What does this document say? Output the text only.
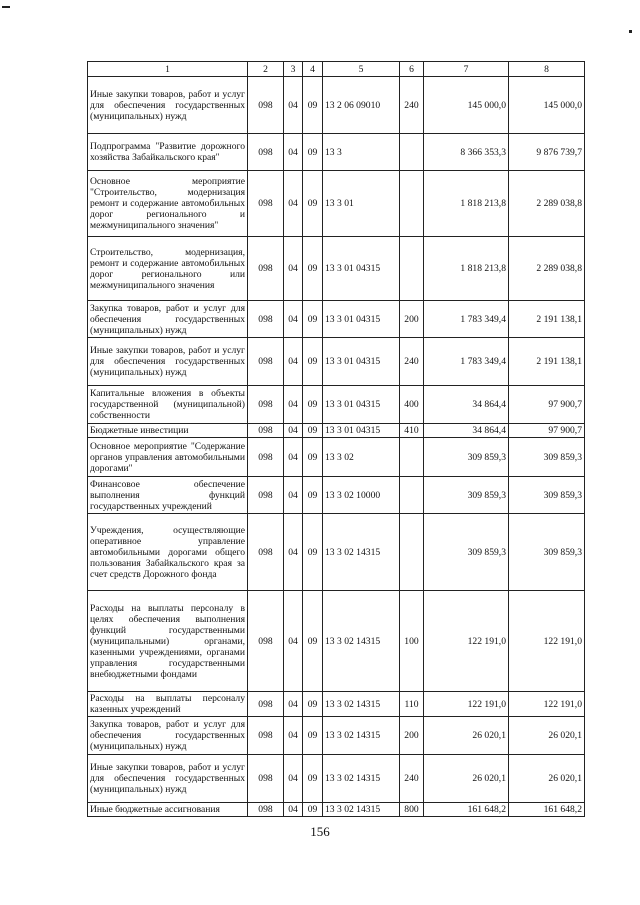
1	2	3	4	5	6	7	8
Иные закупки товаров, работ и услуг для обеспечения государственных (муниципальных) нужд	098	04	09	13 2 06 09010	240	145 000,0	145 000,0
Подпрограмма "Развитие дорожного хозяйства Забайкальского края"	098	04	09	13 3		8 366 353,3	9 876 739,7
Основное мероприятие "Строительство, модернизация ремонт и содержание автомобильных дорог регионального и межмуниципального значения"	098	04	09	13 3 01		1 818 213,8	2 289 038,8
Строительство, модернизация, ремонт и содержание автомобильных дорог регионального или межмуниципального значения	098	04	09	13 3 01 04315		1 818 213,8	2 289 038,8
Закупка товаров, работ и услуг для обеспечения государственных (муниципальных) нужд	098	04	09	13 3 01 04315	200	1 783 349,4	2 191 138,1
Иные закупки товаров, работ и услуг для обеспечения государственных (муниципальных) нужд	098	04	09	13 3 01 04315	240	1 783 349,4	2 191 138,1
Капитальные вложения в объекты государственной (муниципальной) собственности	098	04	09	13 3 01 04315	400	34 864,4	97 900,7
Бюджетные инвестиции	098	04	09	13 3 01 04315	410	34 864,4	97 900,7
Основное мероприятие "Содержание органов управления автомобильными дорогами"	098	04	09	13 3 02		309 859,3	309 859,3
Финансовое обеспечение выполнения функций государственных учреждений	098	04	09	13 3 02 10000		309 859,3	309 859,3
Учреждения, осуществляющие оперативное управление автомобильными дорогами общего пользования Забайкальского края за счет средств Дорожного фонда	098	04	09	13 3 02 14315		309 859,3	309 859,3
Расходы на выплаты персоналу в целях обеспечения выполнения функций государственными (муниципальными) органами, казенными учреждениями, органами управления государственными внебюджетными фондами	098	04	09	13 3 02 14315	100	122 191,0	122 191,0
Расходы на выплаты персоналу казенных учреждений	098	04	09	13 3 02 14315	110	122 191,0	122 191,0
Закупка товаров, работ и услуг для обеспечения государственных (муниципальных) нужд	098	04	09	13 3 02 14315	200	26 020,1	26 020,1
Иные закупки товаров, работ и услуг для обеспечения государственных (муниципальных) нужд	098	04	09	13 3 02 14315	240	26 020,1	26 020,1
Иные бюджетные ассигнования	098	04	09	13 3 02 14315	800	161 648,2	161 648,2
156
